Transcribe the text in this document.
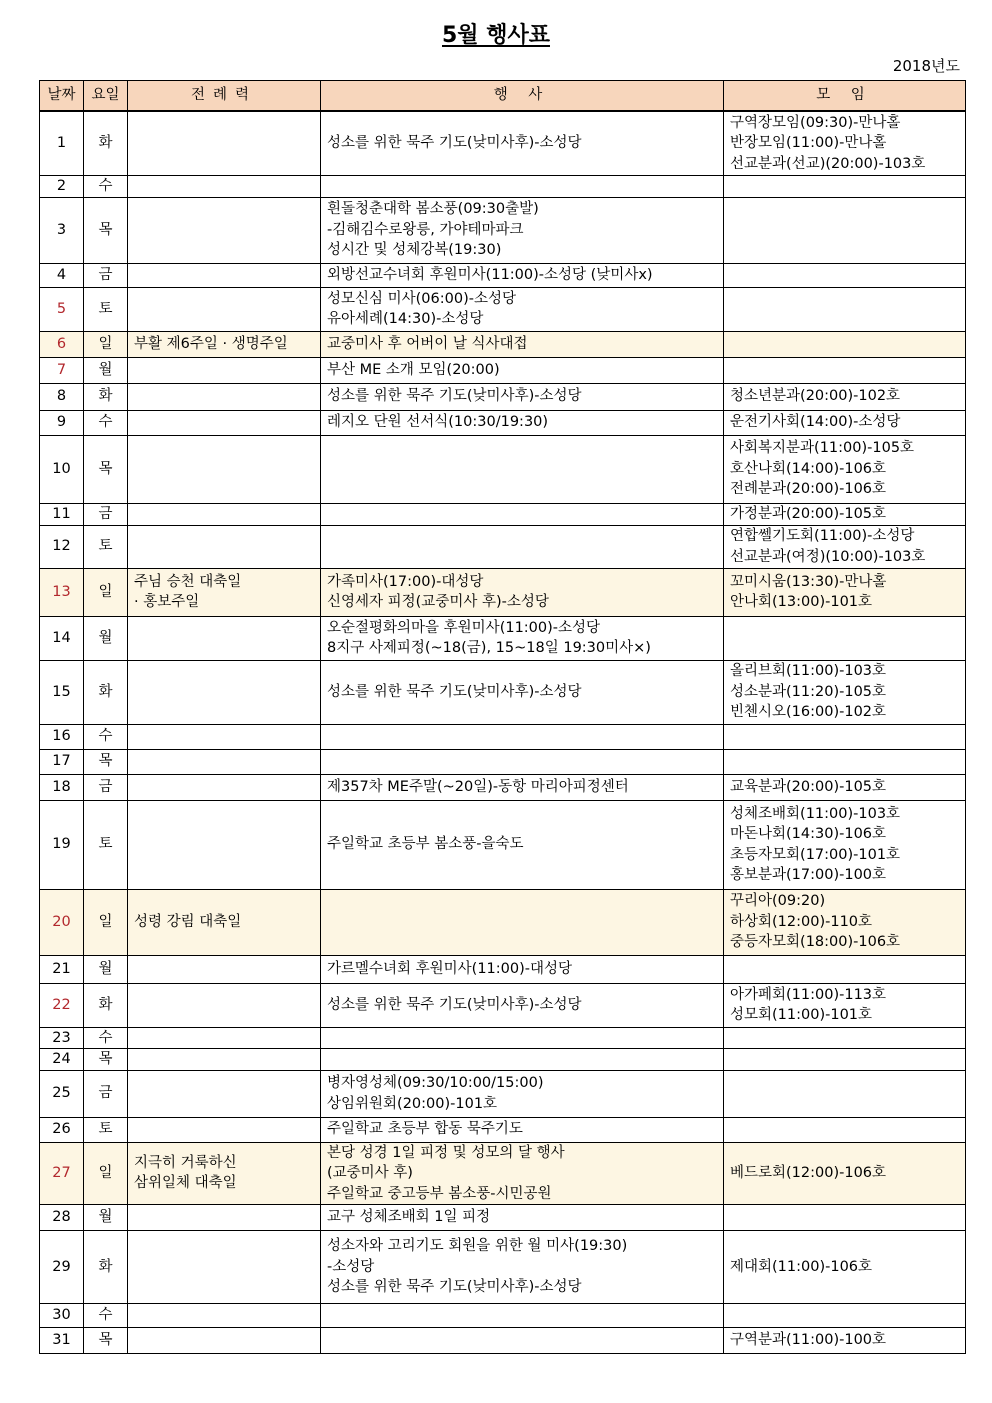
5월 행사표
2018년도
날짜	요일	전례력	행 사	모 임
1	화		성소를 위한 묵주 기도(낮미사후)-소성당	구역장모임(09:30)-만나홀
반장모임(11:00)-만나홀
선교분과(선교)(20:00)-103호

2	수			
3	목		흰돌청춘대학 봄소풍(09:30출발)
-김해김수로왕릉, 가야테마파크
성시간 및 성체강복(19:30)	

4	금		외방선교수녀회 후원미사(11:00)-소성당 (낮미사x)	

5	토		성모신심 미사(06:00)-소성당
유아세례(14:30)-소성당	

6	일	부활 제6주일 · 생명주일	교중미사 후 어버이 날 식사대접	

7	월		부산 ME 소개 모임(20:00)	

8	화		성소를 위한 묵주 기도(낮미사후)-소성당	청소년분과(20:00)-102호

9	수		레지오 단원 선서식(10:30/19:30)	운전기사회(14:00)-소성당

10	목			사회복지분과(11:00)-105호
호산나회(14:00)-106호
전례분과(20:00)-106호

11	금			가정분과(20:00)-105호

12	토			연합쎌기도회(11:00)-소성당
선교분과(여정)(10:00)-103호

13	일	주님 승천 대축일
· 홍보주일	가족미사(17:00)-대성당
신영세자 피정(교중미사 후)-소성당	꼬미시움(13:30)-만나홀
안나회(13:00)-101호

14	월		오순절평화의마을 후원미사(11:00)-소성당
8지구 사제피정(~18(금), 15~18일 19:30미사×)	

15	화		성소를 위한 묵주 기도(낮미사후)-소성당	올리브회(11:00)-103호
성소분과(11:20)-105호
빈첸시오(16:00)-102호

16	수			
17	목			
18	금		제357차 ME주말(~20일)-동항 마리아피정센터	교육분과(20:00)-105호

19	토		주일학교 초등부 봄소풍-을숙도	성체조배회(11:00)-103호
마돈나회(14:30)-106호
초등자모회(17:00)-101호
홍보분과(17:00)-100호

20	일	성령 강림 대축일		꾸리아(09:20)
하상회(12:00)-110호
중등자모회(18:00)-106호

21	월		가르멜수녀회 후원미사(11:00)-대성당	

22	화		성소를 위한 묵주 기도(낮미사후)-소성당	아가페회(11:00)-113호
성모회(11:00)-101호

23	수			
24	목			
25	금		병자영성체(09:30/10:00/15:00)
상임위원회(20:00)-101호	

26	토		주일학교 초등부 합동 묵주기도	

27	일	지극히 거룩하신
삼위일체 대축일	본당 성경 1일 피정 및 성모의 달 행사
(교중미사 후)
주일학교 중고등부 봄소풍-시민공원	베드로회(12:00)-106호

28	월		교구 성체조배회 1일 피정	

29	화		성소자와 고리기도 회원을 위한 월 미사(19:30)
-소성당
성소를 위한 묵주 기도(낮미사후)-소성당	제대회(11:00)-106호

30	수			
31	목			구역분과(11:00)-100호
